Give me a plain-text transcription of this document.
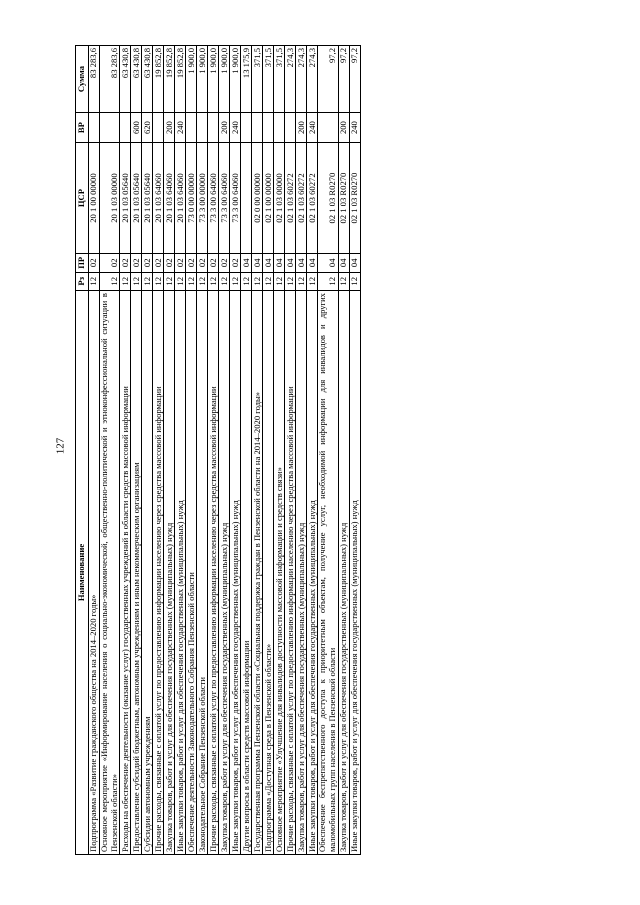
127
Наименование	Рз	ПР	ЦСР	ВР	Сумма
Подпрограмма «Развитие гражданского общества на 2014–2020 годы»	12	02	20 1 00 00000		83 283,6
Основное мероприятие «Информирование населения о социально-экономической, общественно-политической и этноконфессиональной ситуации в Пензенской области»	12	02	20 1 03 00000		83 283,6
Расходы на обеспечение деятельности (оказание услуг) государственных учреждений в области средств массовой информации	12	02	20 1 03 05640		63 430,8
Предоставление субсидий бюджетным, автономным учреждениям и иным некоммерческим организациям	12	02	20 1 03 05640	600	63 430,8
Субсидии автономным учреждениям	12	02	20 1 03 05640	620	63 430,8
Прочие расходы, связанные с оплатой услуг по предоставлению информации населению через средства массовой информации	12	02	20 1 03 64060		19 852,8
Закупка товаров, работ и услуг для обеспечения государственных (муниципальных) нужд	12	02	20 1 03 64060	200	19 852,8
Иные закупки товаров, работ и услуг для обеспечения государственных (муниципальных) нужд	12	02	20 1 03 64060	240	19 852,8
Обеспечение деятельности Законодательного Собрания Пензенской области	12	02	73 0 00 00000		1 900,0
Законодательное Собрание Пензенской области	12	02	73 3 00 00000		1 900,0
Прочие расходы, связанные с оплатой услуг по предоставлению информации населению через средства массовой информации	12	02	73 3 00 64060		1 900,0
Закупка товаров, работ и услуг для обеспечения государственных (муниципальных) нужд	12	02	73 3 00 64060	200	1 900,0
Иные закупки товаров, работ и услуг для обеспечения государственных (муниципальных) нужд	12	02	73 3 00 64060	240	1 900,0
Другие вопросы в области средств массовой информации	12	04			13 175,9
Государственная программа Пензенской области «Социальная поддержка граждан в Пензенской области на 2014–2020 годы»	12	04	02 0 00 00000		371,5
Подпрограмма «Доступная среда в Пензенской области»	12	04	02 1 00 00000		371,5
Основное мероприятие «Улучшение для инвалидов доступности массовой информации и средств связи»	12	04	02 1 03 00000		371,5
Прочие расходы, связанные с оплатой услуг по предоставлению информации населению через средства массовой информации	12	04	02 1 03 60272		274,3
Закупка товаров, работ и услуг для обеспечения государственных (муниципальных) нужд	12	04	02 1 03 60272	200	274,3
Иные закупки товаров, работ и услуг для обеспечения государственных (муниципальных) нужд	12	04	02 1 03 60272	240	274,3
Обеспечение беспрепятственного доступа к приоритетным объектам, получение услуг, необходимой информации для инвалидов и других маломобильных групп населения в Пензенской области	12	04	02 1 03 R0270		97,2
Закупка товаров, работ и услуг для обеспечения государственных (муниципальных) нужд	12	04	02 1 03 R0270	200	97,2
Иные закупки товаров, работ и услуг для обеспечения государственных (муниципальных) нужд	12	04	02 1 03 R0270	240	97,2
